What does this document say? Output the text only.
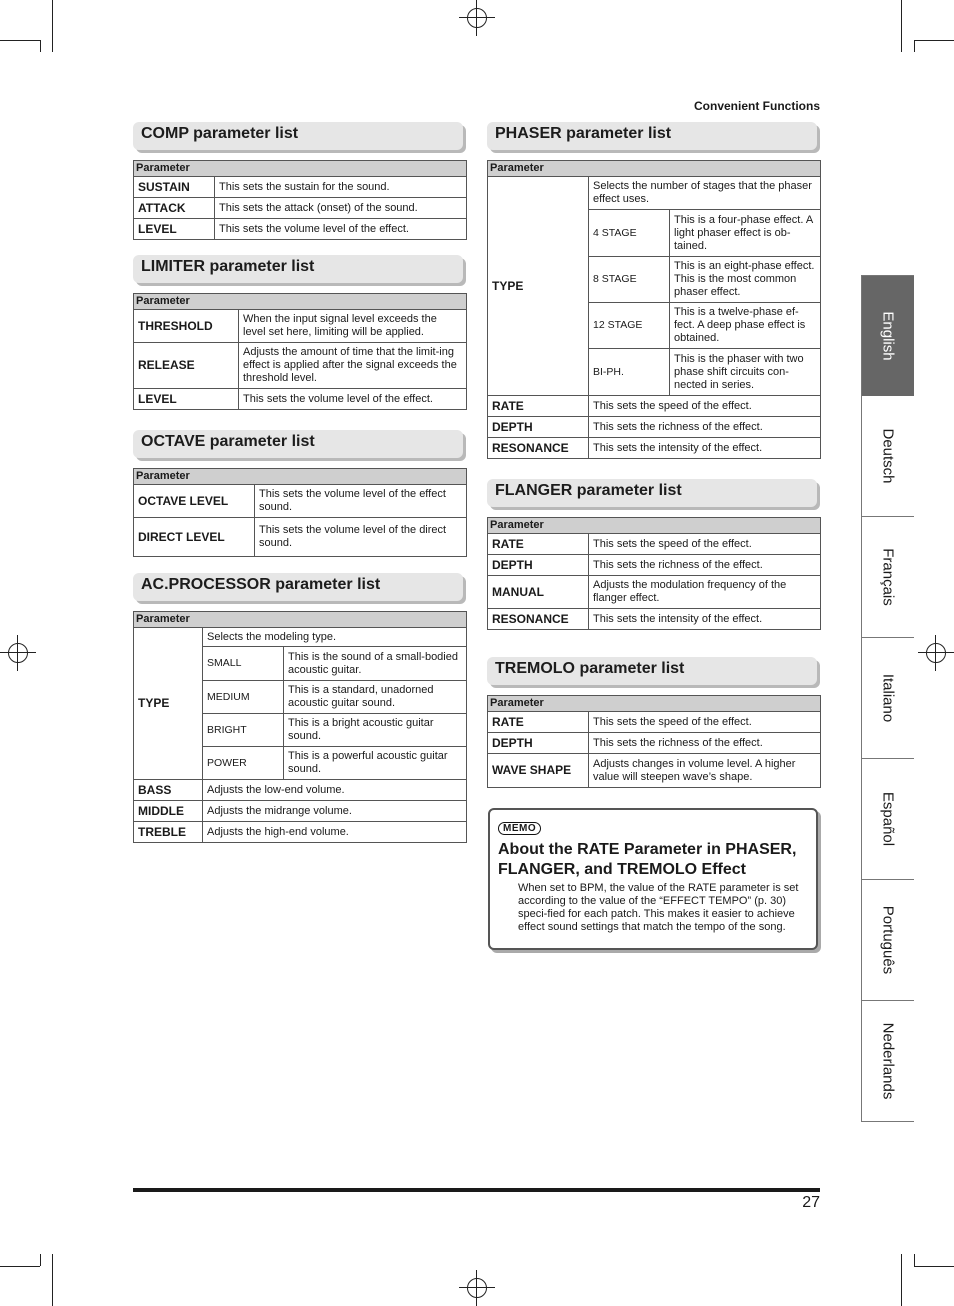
Convenient Functions
COMP parameter list
Parameter	
SUSTAIN	This sets the sustain for the sound.
ATTACK	This sets the attack (onset) of the sound.
LEVEL	This sets the volume level of the effect.
LIMITER parameter list
Parameter	
THRESHOLD	When the input signal level exceeds the level set here, limiting will be applied.
RELEASE	Adjusts the amount of time that the limit-ing effect is applied after the signal exceeds the threshold level.
LEVEL	This sets the volume level of the effect.
OCTAVE parameter list
Parameter	
OCTAVE LEVEL	This sets the volume level of the effect sound.
DIRECT LEVEL	This sets the volume level of the direct sound.
AC.PROCESSOR parameter list
Parameter		
TYPE	Selects the modeling type.	
	SMALL	This is the sound of a small-bodied acoustic guitar.
	MEDIUM	This is a standard, unadorned acoustic guitar sound.
	BRIGHT	This is a bright acoustic guitar sound.
	POWER	This is a powerful acoustic guitar sound.
BASS	Adjusts the low-end volume.	
MIDDLE	Adjusts the midrange volume.	
TREBLE	Adjusts the high-end volume.	
PHASER parameter list
Parameter		
TYPE	Selects the number of stages that the phaser effect uses.	
	4 STAGE	This is a four-phase effect. A light phaser effect is ob-tained.
	8 STAGE	This is an eight-phase effect. This is the most common phaser effect.
	12 STAGE	This is a twelve-phase ef-fect. A deep phase effect is obtained.
	BI-PH.	This is the phaser with two phase shift circuits con-nected in series.
RATE	This sets the speed of the effect.	
DEPTH	This sets the richness of the effect.	
RESONANCE	This sets the intensity of the effect.	
FLANGER parameter list
Parameter	
RATE	This sets the speed of the effect.
DEPTH	This sets the richness of the effect.
MANUAL	Adjusts the modulation frequency of the flanger effect.
RESONANCE	This sets the intensity of the effect.
TREMOLO parameter list
Parameter	
RATE	This sets the speed of the effect.
DEPTH	This sets the richness of the effect.
WAVE SHAPE	Adjusts changes in volume level. A higher value will steepen wave’s shape.
MEMO
About the RATE Parameter in PHASER, FLANGER, and TREMOLO Effect
When set to BPM, the value of the RATE parameter is set according to the value of the “EFFECT TEMPO” (p. 30) speci-fied for each patch. This makes it easier to achieve effect sound settings that match the tempo of the song.
English
Deutsch
Français
Italiano
Español
Português
Nederlands
27
